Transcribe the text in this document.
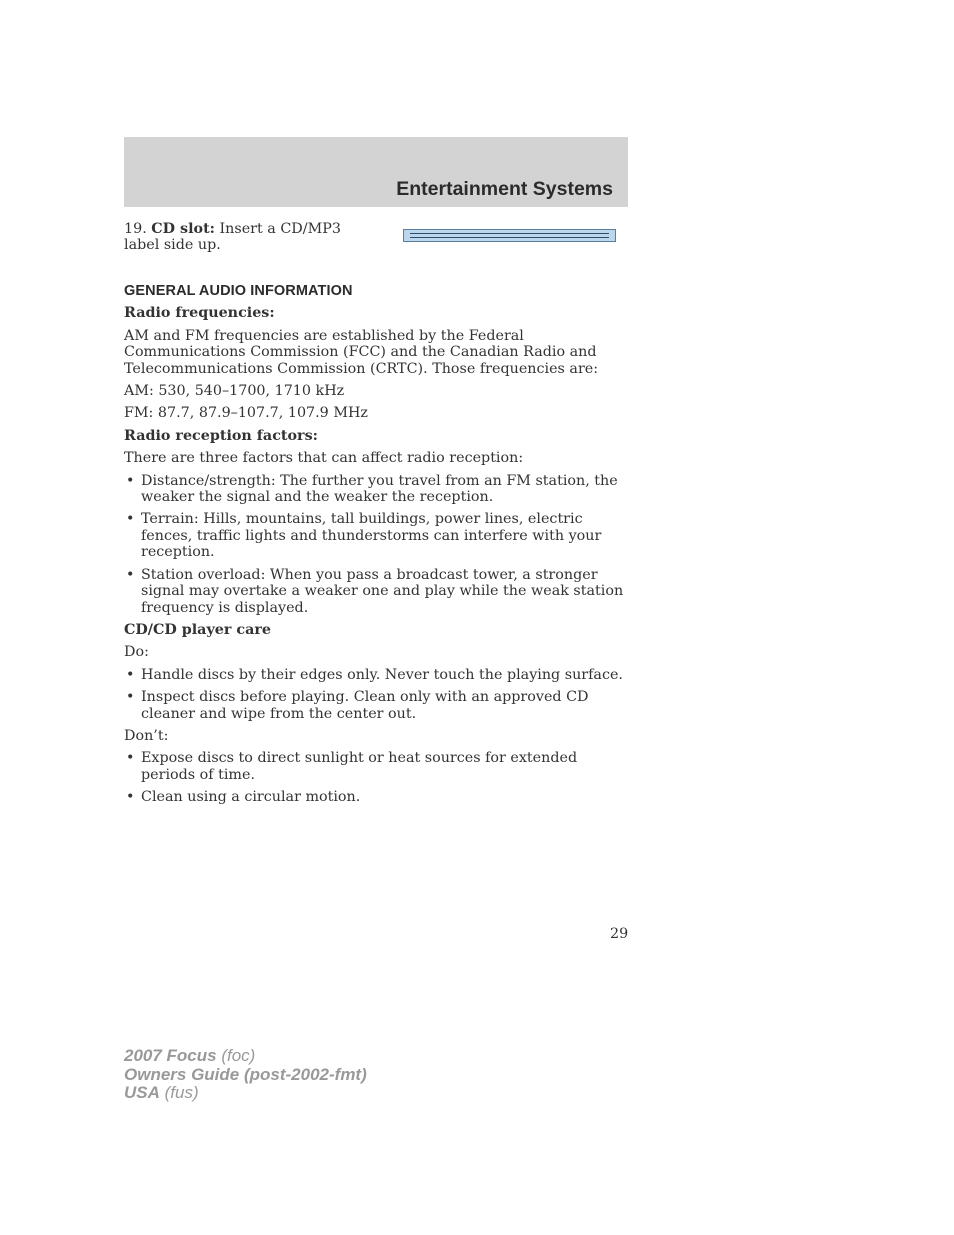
Entertainment Systems
19. CD slot: Insert a CD/MP3 label side up.
GENERAL AUDIO INFORMATION

Radio frequencies:

AM and FM frequencies are established by the Federal Communications Commission (FCC) and the Canadian Radio and Telecommunications Commission (CRTC). Those frequencies are:

AM: 530, 540–1700, 1710 kHz

FM: 87.7, 87.9–107.7, 107.9 MHz

Radio reception factors:

There are three factors that can affect radio reception:

• Distance/strength: The further you travel from an FM station, the weaker the signal and the weaker the reception.
• Terrain: Hills, mountains, tall buildings, power lines, electric fences, traffic lights and thunderstorms can interfere with your reception.
• Station overload: When you pass a broadcast tower, a stronger signal may overtake a weaker one and play while the weak station frequency is displayed.

CD/CD player care

Do:

• Handle discs by their edges only. Never touch the playing surface.
• Inspect discs before playing. Clean only with an approved CD cleaner and wipe from the center out.

Don’t:

• Expose discs to direct sunlight or heat sources for extended periods of time.
• Clean using a circular motion.
29
2007 Focus (foc)
Owners Guide (post-2002-fmt)
USA (fus)
